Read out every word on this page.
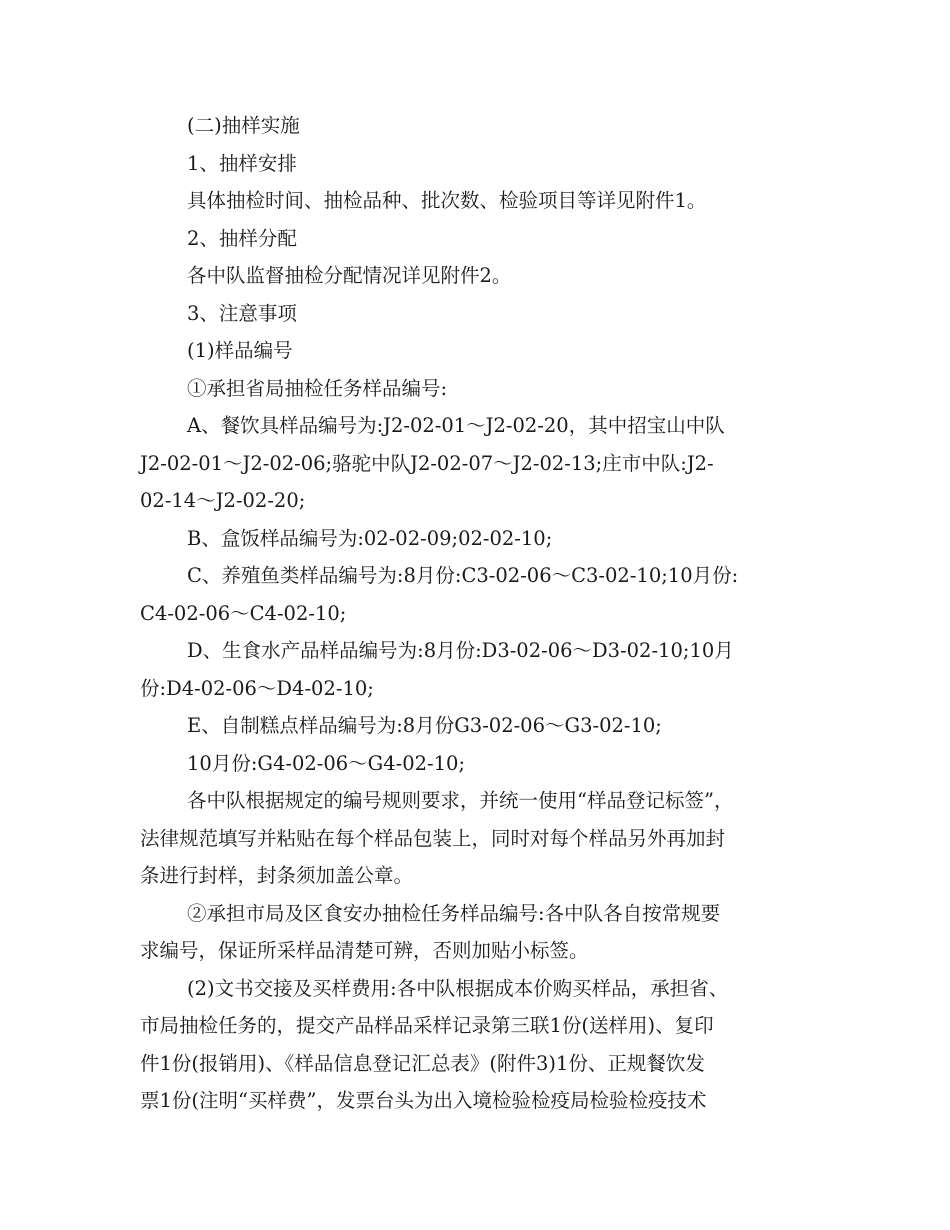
(二)抽样实施
1、抽样安排
具体抽检时间、抽检品种、批次数、检验项目等详见附件1。
2、抽样分配
各中队监督抽检分配情况详见附件2。
3、注意事项
(1)样品编号
①承担省局抽检任务样品编号:
A、餐饮具样品编号为:J2-02-01～J2-02-20，其中招宝山中队
J2-02-01～J2-02-06;骆驼中队J2-02-07～J2-02-13;庄市中队:J2-
02-14～J2-02-20;
B、盒饭样品编号为:02-02-09;02-02-10;
C、养殖鱼类样品编号为:8月份:C3-02-06～C3-02-10;10月份:
C4-02-06～C4-02-10;
D、生食水产品样品编号为:8月份:D3-02-06～D3-02-10;10月
份:D4-02-06～D4-02-10;
E、自制糕点样品编号为:8月份G3-02-06～G3-02-10;
10月份:G4-02-06～G4-02-10;
各中队根据规定的编号规则要求，并统一使用“样品登记标签”，
法律规范填写并粘贴在每个样品包装上，同时对每个样品另外再加封
条进行封样，封条须加盖公章。
②承担市局及区食安办抽检任务样品编号:各中队各自按常规要
求编号，保证所采样品清楚可辨，否则加贴小标签。
(2)文书交接及买样费用:各中队根据成本价购买样品，承担省、
市局抽检任务的，提交产品样品采样记录第三联1份(送样用)、复印
件1份(报销用)、《样品信息登记汇总表》(附件3)1份、正规餐饮发
票1份(注明“买样费”，发票台头为出入境检验检疫局检验检疫技术
